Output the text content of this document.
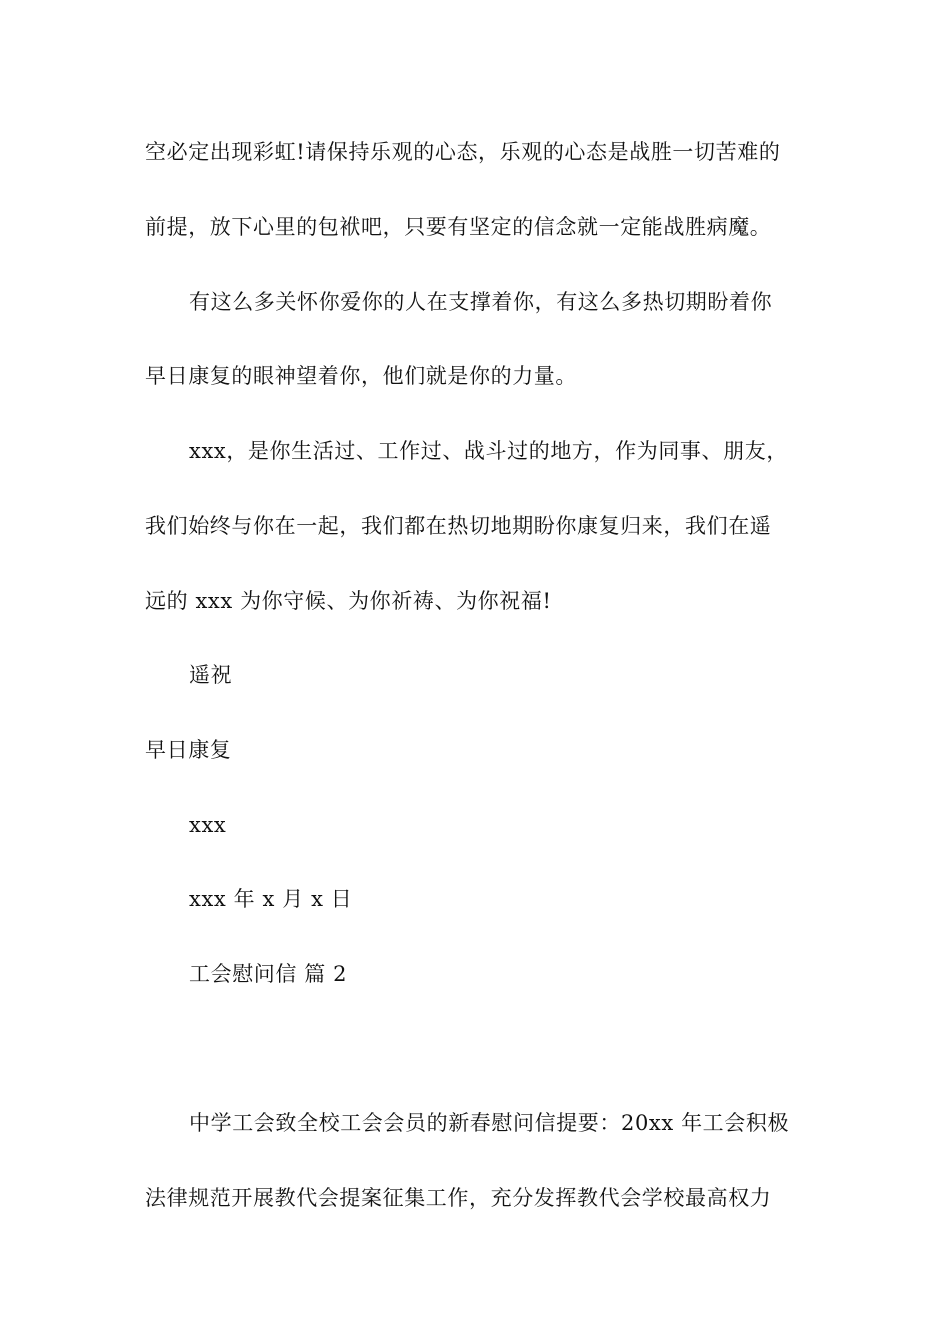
空必定出现彩虹!请保持乐观的心态，乐观的心态是战胜一切苦难的
前提，放下心里的包袱吧，只要有坚定的信念就一定能战胜病魔。
有这么多关怀你爱你的人在支撑着你，有这么多热切期盼着你
早日康复的眼神望着你，他们就是你的力量。
xxx，是你生活过、工作过、战斗过的地方，作为同事、朋友，
我们始终与你在一起，我们都在热切地期盼你康复归来，我们在遥
远的 xxx 为你守候、为你祈祷、为你祝福!
遥祝
早日康复
xxx
xxx 年 x 月 x 日
工会慰问信 篇 2
中学工会致全校工会会员的新春慰问信提要：20xx 年工会积极
法律规范开展教代会提案征集工作，充分发挥教代会学校最高权力
